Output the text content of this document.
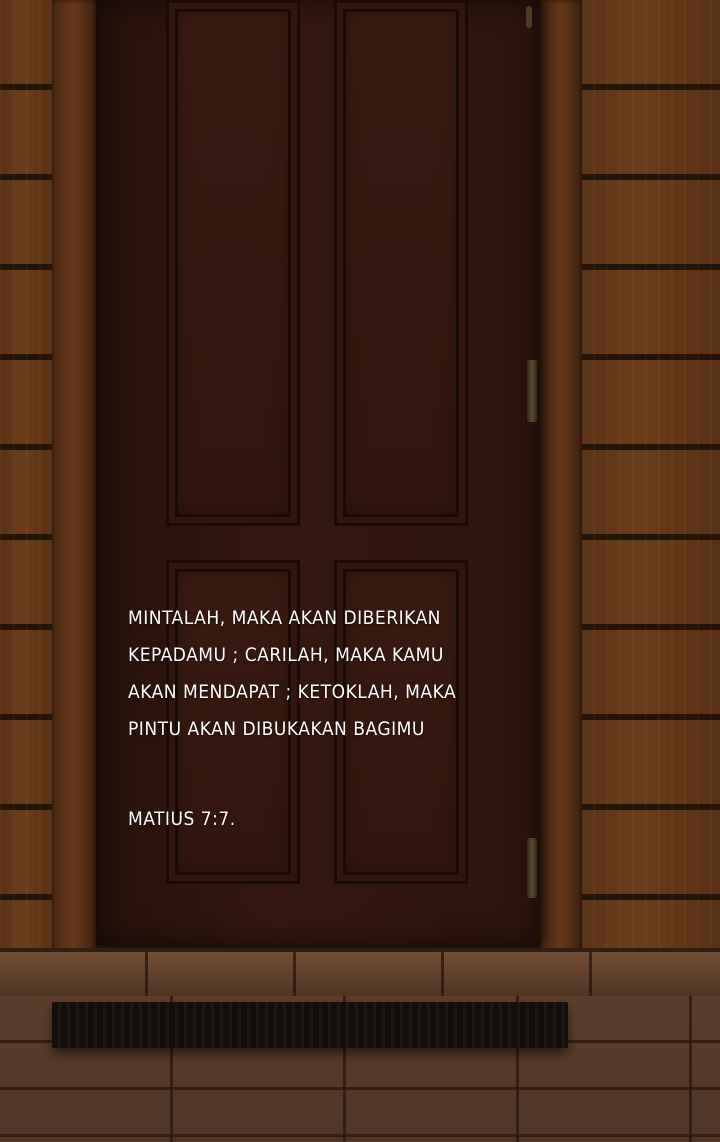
MINTALAH, MAKA AKAN DIBERIKAN
KEPADAMU ; CARILAH, MAKA KAMU
AKAN MENDAPAT ; KETOKLAH, MAKA
PINTU AKAN DIBUKAKAN BAGIMU
MATIUS 7:7.
